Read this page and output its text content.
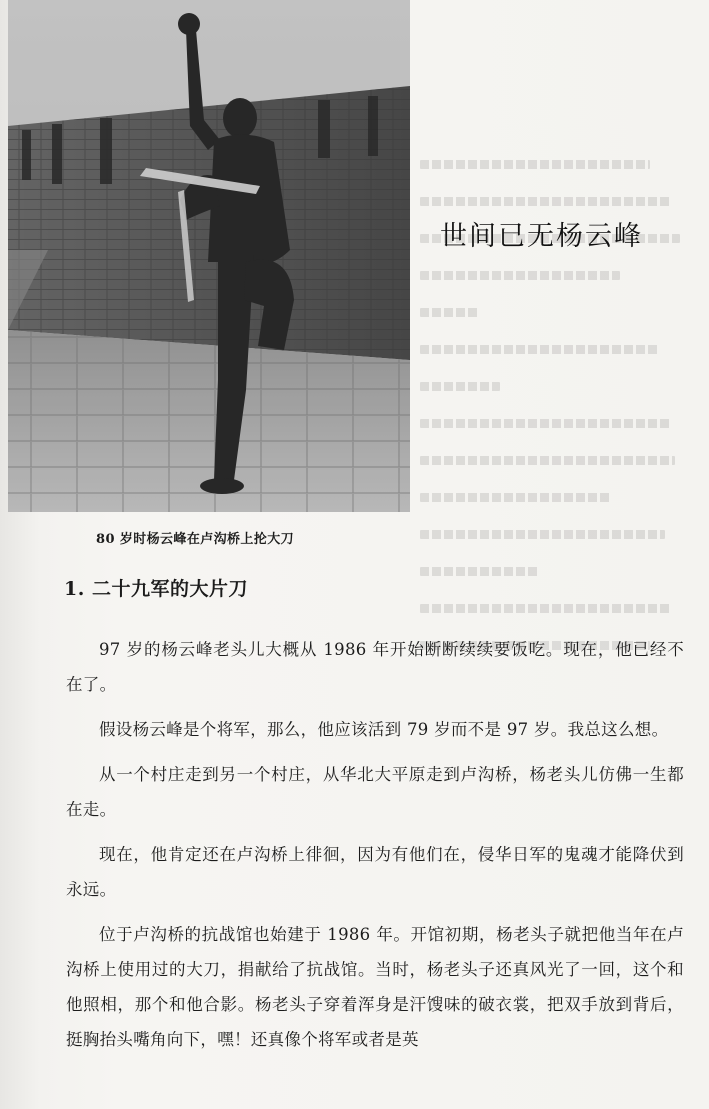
80 岁时杨云峰在卢沟桥上抡大刀
世间已无杨云峰
1. 二十九军的大片刀

97 岁的杨云峰老头儿大概从 1986 年开始断断续续要饭吃。现在，他已经不在了。

假设杨云峰是个将军，那么，他应该活到 79 岁而不是 97 岁。我总这么想。

从一个村庄走到另一个村庄，从华北大平原走到卢沟桥，杨老头儿仿佛一生都在走。

现在，他肯定还在卢沟桥上徘徊，因为有他们在，侵华日军的鬼魂才能降伏到永远。

位于卢沟桥的抗战馆也始建于 1986 年。开馆初期，杨老头子就把他当年在卢沟桥上使用过的大刀，捐献给了抗战馆。当时，杨老头子还真风光了一回，这个和他照相，那个和他合影。杨老头子穿着浑身是汗馊味的破衣裳，把双手放到背后，挺胸抬头嘴角向下，嘿！还真像个将军或者是英
